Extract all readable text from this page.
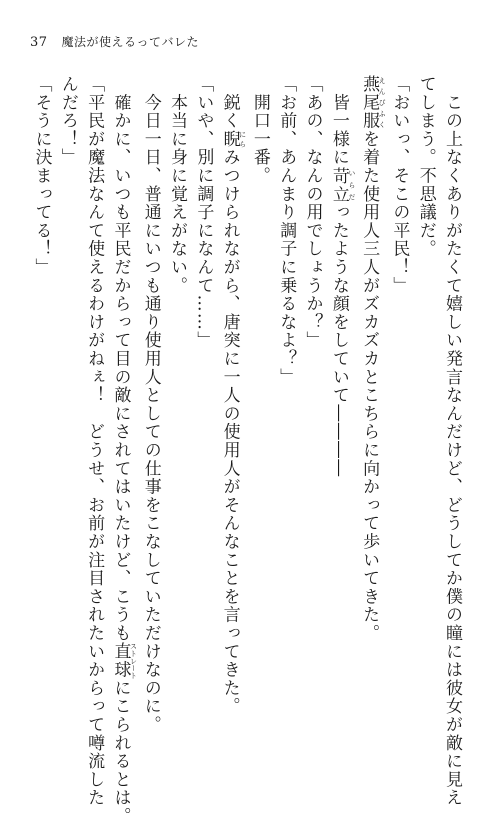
37 魔法が使えるってバレた
　この上なくありがたくて嬉しい発言なんだけど、どうしてか僕の瞳には彼女が敵に見え
てしまう。不思議だ。
「おいっ、そこの平民！」
燕尾服 えんびふくを着た使用人三人がズカズカとこちらに向かって歩いてきた。
　皆一様に苛立 いらだったような顔をしていて――――
「あの、なんの用でしょうか？」
「お前、あんまり調子に乗るなよ？」
　開口一番。
　鋭く睨 にらみつけられながら、唐突に一人の使用人がそんなことを言ってきた。
「いや、別に調子になんて……」
　本当に身に覚えがない。
　今日一日、普通にいつも通り使用人としての仕事をこなしていただけなのに。
　確かに、いつも平民だからって目の敵にされてはいたけど、こうも直球 ストレートにこられるとは。
「平民が魔法なんて使えるわけがねぇ！　どうせ、お前が注目されたいからって噂流した
んだろ！」
「そうに決まってる！」
